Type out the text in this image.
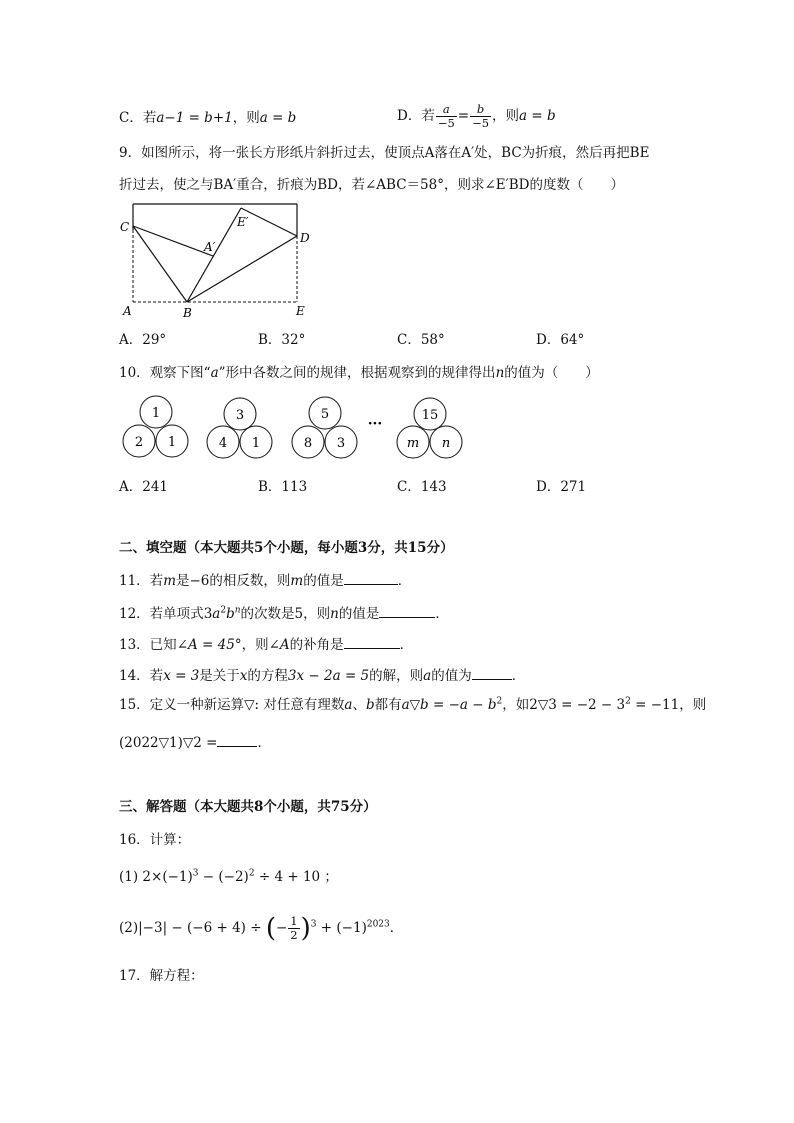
C．若a−1 = b+1，则a = b	D．若 $\frac{a}{-5} = \frac{b}{-5}$ ，则a = b
9．如图所示，将一张长方形纸片斜折过去，使顶点A落在A′处，BC为折痕，然后再把BE
折过去，使之与BA′重合，折痕为BD，若∠ABC＝58°，则求∠E′BD的度数（　　）
C
A	B
D
E
A′
E′
A．29°	B．32°	C．58°	D．64°
10．观察下图“a”形中各数之间的规律，根据观察到的规律得出n的值为（　　）
1
2 1
3
4 1
5
8 3
···
15
m n
A．241	B．113	C．143	D．271
二、填空题（本大题共5个小题，每小题3分，共15分）
11．若m是−6的相反数，则m的值是	．
12．若单项式$3a^2b^n$的次数是5，则n的值是	．
13．已知∠A = 45°，则∠A的补角是	．
14．若x = 3是关于x的方程3x − 2a = 5的解，则a的值为	．
15．定义一种新运算▽: 对任意有理数a、b都有a▽b = $-a - b^2$，如2▽3 = $-2 - 3^2 = -11$，则
(2022▽1)▽2 =	．
三、解答题（本大题共8个小题，共75分）
16．计算：
(1) $2\times(-1)^3 - (-2)^2 \div 4 + 10$ ；
(2)|−3| − (−6 + 4) ÷ (− $\frac{1}{2} )^3 + (-1)^{2023}$．
17．解方程：
